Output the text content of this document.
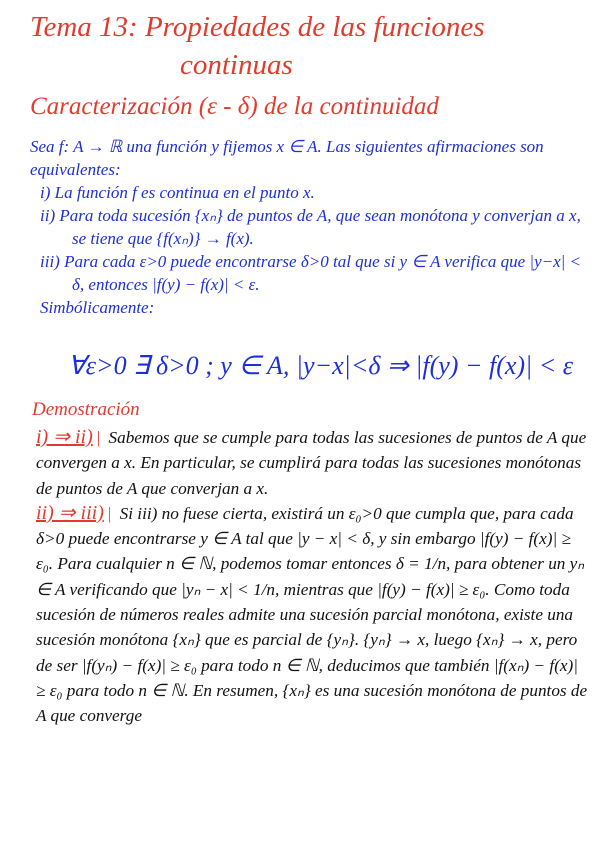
Tema 13: Propiedades de las funciones
continuas
Caracterización (ε - δ) de la continuidad
Sea f: A → ℝ una función y fijemos x ∈ A. Las siguientes afirmaciones son equivalentes:
i) La función f es continua en el punto x.
ii) Para toda sucesión {xₙ} de puntos de A, que sean monótona y converjan a x, se tiene que {f(xₙ)} → f(x).
iii) Para cada ε>0 puede encontrarse δ>0 tal que si y ∈ A verifica que |y−x| < δ, entonces |f(y) − f(x)| < ε.
Simbólicamente:
∀ε>0 ∃ δ>0 ; y ∈ A, |y−x|<δ ⇒ |f(y) − f(x)| < ε
Demostración

i) ⇒ ii) | Sabemos que se cumple para todas las sucesiones de puntos de A que convergen a x. En particular, se cumplirá para todas las sucesiones monótonas de puntos de A que converjan a x.

ii) ⇒ iii) | Si iii) no fuese cierta, existirá un ε₀>0 que cumpla que, para cada δ>0 puede encontrarse y ∈ A tal que |y − x| < δ, y sin embargo |f(y) − f(x)| ≥ ε₀. Para cualquier n ∈ ℕ, podemos tomar entonces δ = 1/n, para obtener un yₙ ∈ A verificando que |yₙ − x| < 1/n, mientras que |f(y) − f(x)| ≥ ε₀. Como toda sucesión de números reales admite una sucesión parcial monótona, existe una sucesión monótona {xₙ} que es parcial de {yₙ}. {yₙ} → x, luego {xₙ} → x, pero de ser |f(yₙ) − f(x)| ≥ ε₀ para todo n ∈ ℕ, deducimos que también |f(xₙ) − f(x)| ≥ ε₀ para todo n ∈ ℕ. En resumen, {xₙ} es una sucesión monótona de puntos de A que converge
